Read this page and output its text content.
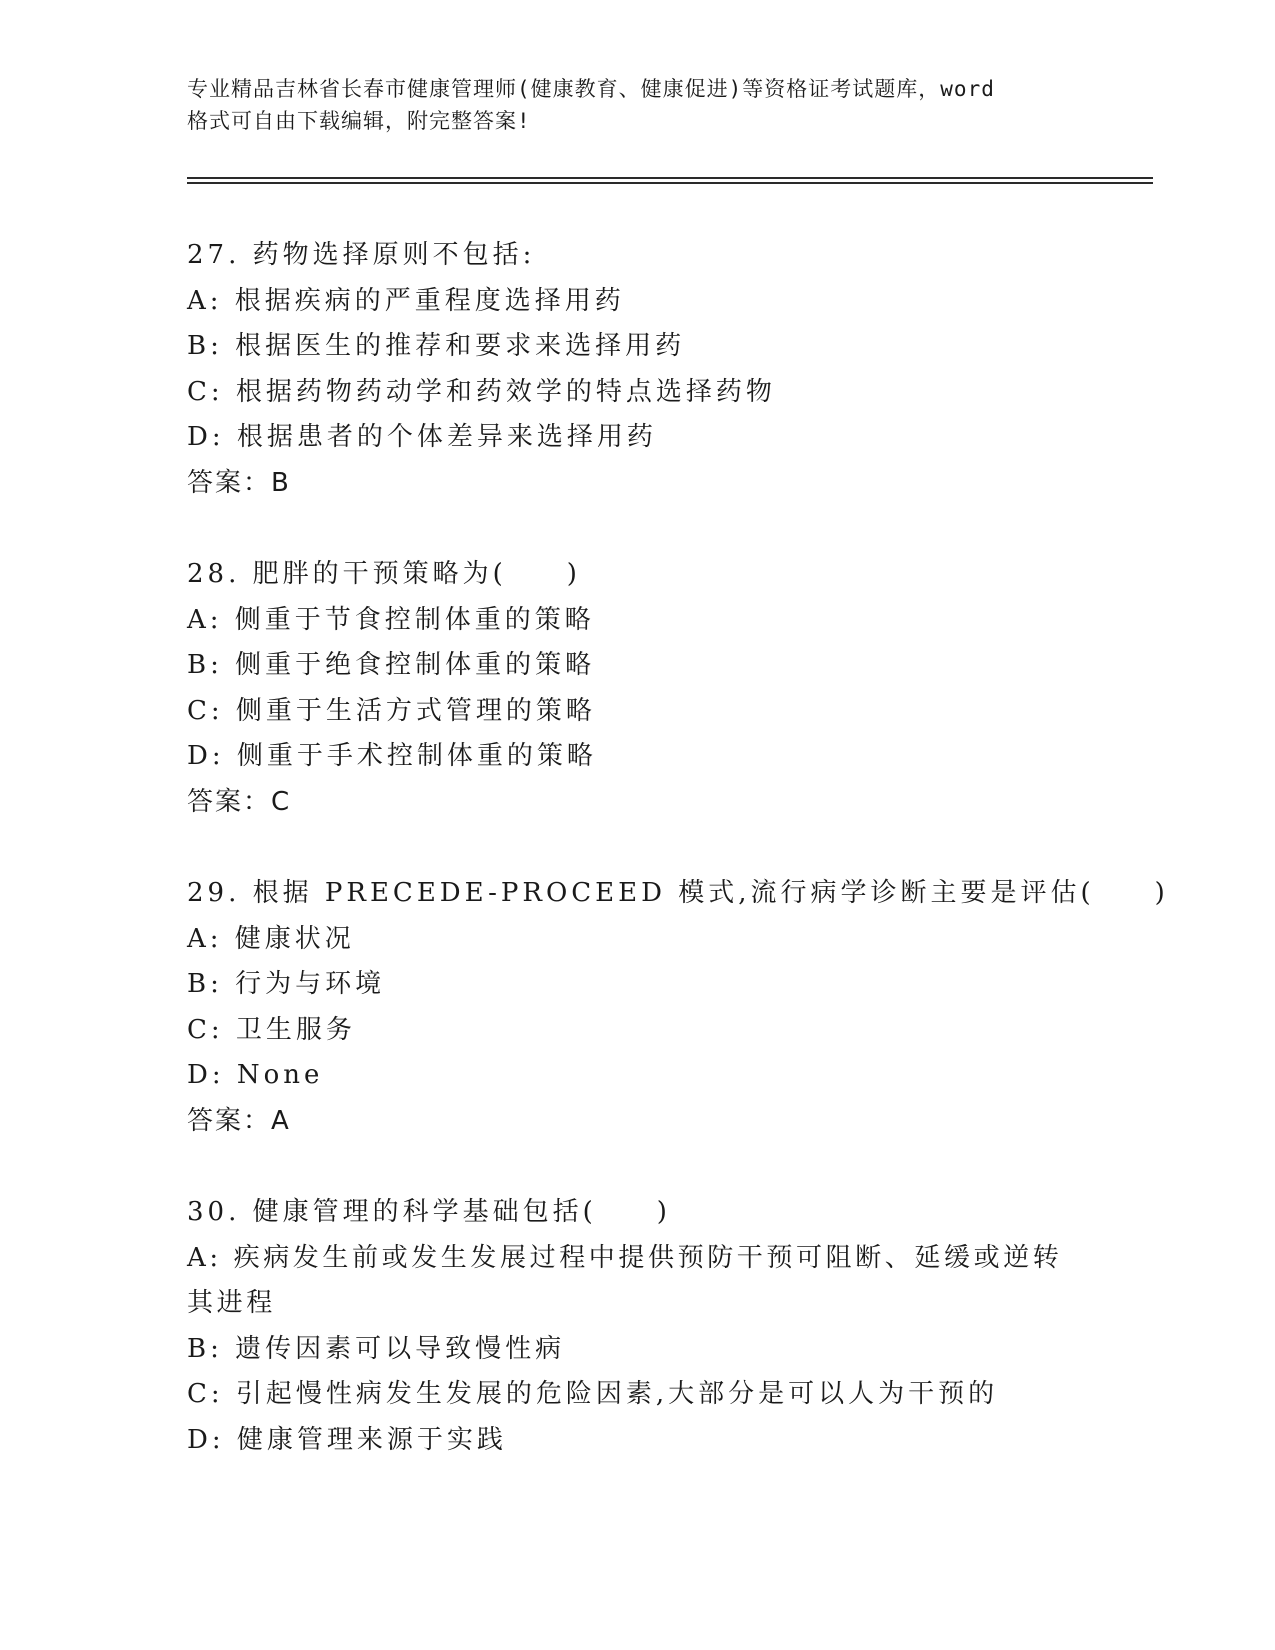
专业精品吉林省长春市健康管理师(健康教育、健康促进)等资格证考试题库，word
格式可自由下载编辑，附完整答案!
27. 药物选择原则不包括:
A: 根据疾病的严重程度选择用药
B: 根据医生的推荐和要求来选择用药
C: 根据药物药动学和药效学的特点选择药物
D: 根据患者的个体差异来选择用药
答案：B
28. 肥胖的干预策略为(　　)
A: 侧重于节食控制体重的策略
B: 侧重于绝食控制体重的策略
C: 侧重于生活方式管理的策略
D: 侧重于手术控制体重的策略
答案：C
29. 根据 PRECEDE-PROCEED 模式,流行病学诊断主要是评估(　　)
A: 健康状况
B: 行为与环境
C: 卫生服务
D: None
答案：A
30. 健康管理的科学基础包括(　　)
A: 疾病发生前或发生发展过程中提供预防干预可阻断、延缓或逆转其进程
B: 遗传因素可以导致慢性病
C: 引起慢性病发生发展的危险因素,大部分是可以人为干预的
D: 健康管理来源于实践
